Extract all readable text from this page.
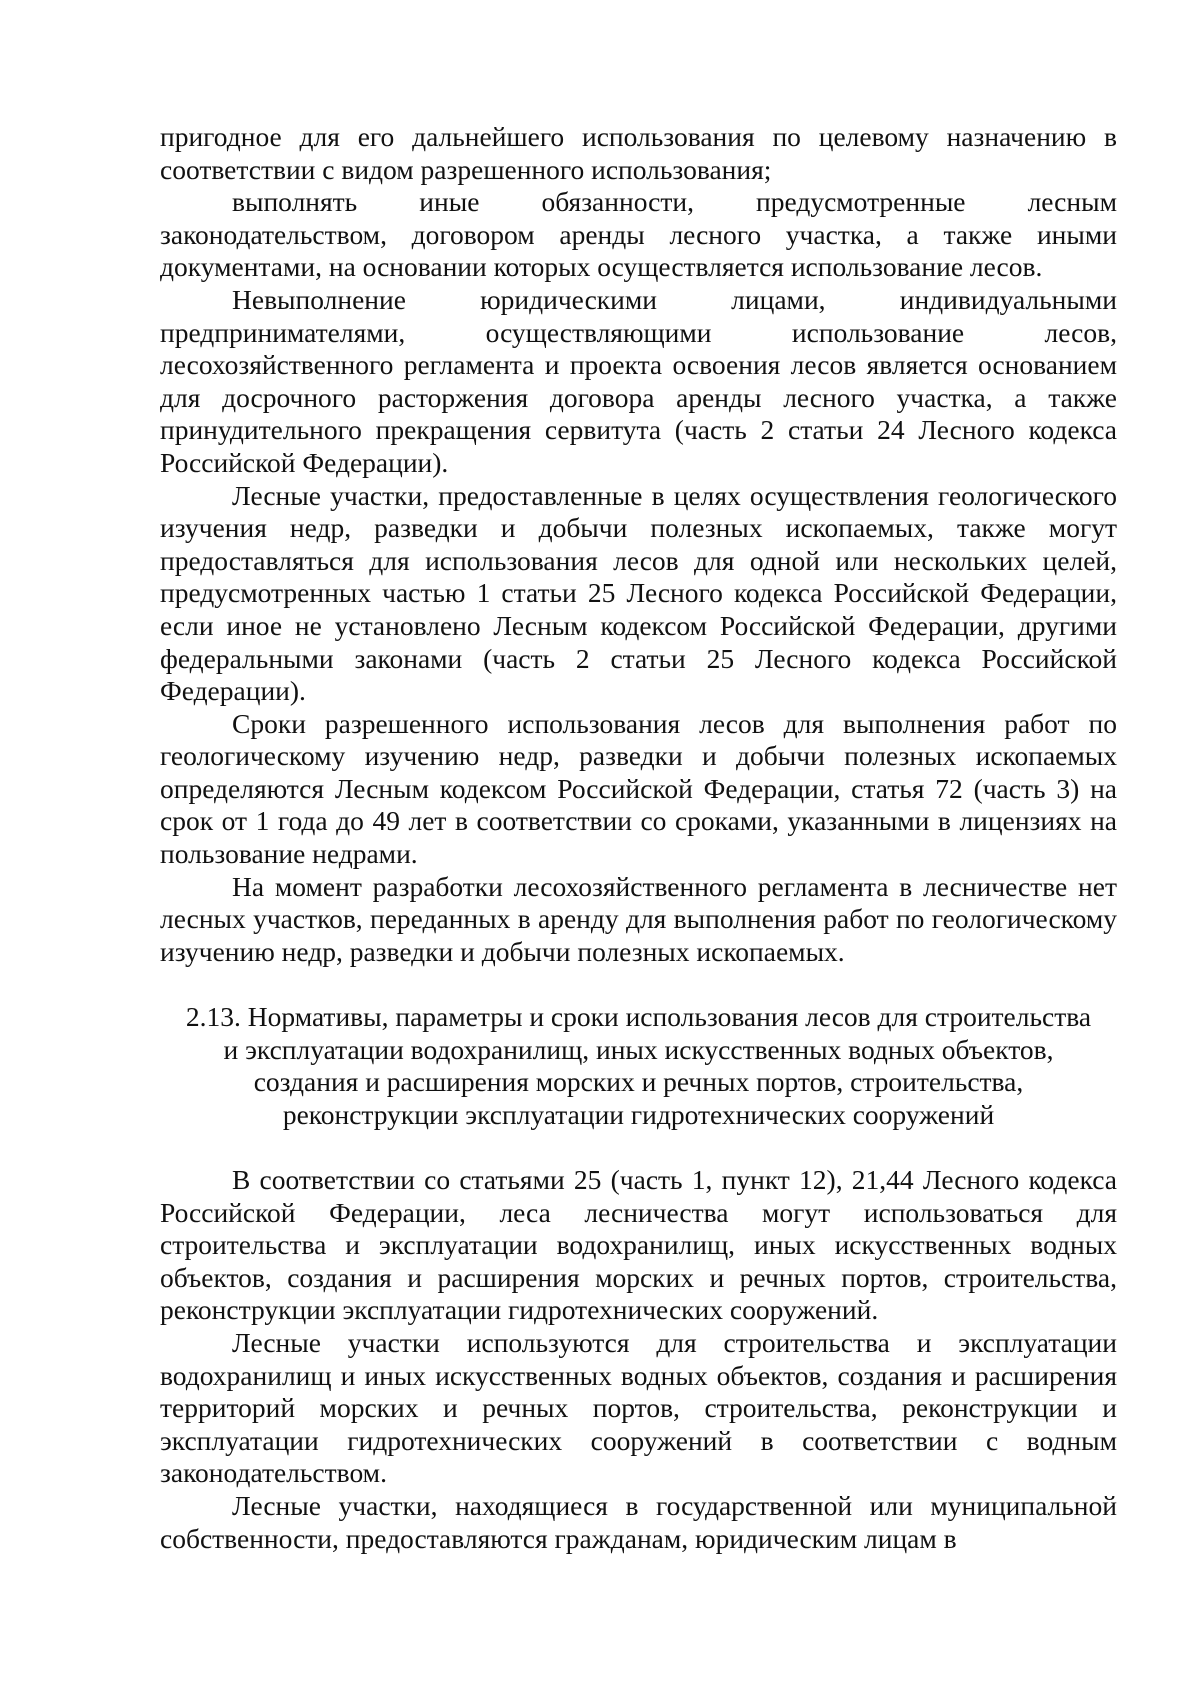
пригодное для его дальнейшего использования по целевому назначению в соответствии с видом разрешенного использования;

выполнять иные обязанности, предусмотренные лесным законодательством, договором аренды лесного участка, а также иными документами, на основании которых осуществляется использование лесов.

Невыполнение юридическими лицами, индивидуальными предпринимателями, осуществляющими использование лесов, лесохозяйственного регламента и проекта освоения лесов является основанием для досрочного расторжения договора аренды лесного участка, а также принудительного прекращения сервитута (часть 2 статьи 24 Лесного кодекса Российской Федерации).

Лесные участки, предоставленные в целях осуществления геологического изучения недр, разведки и добычи полезных ископаемых, также могут предоставляться для использования лесов для одной или нескольких целей, предусмотренных частью 1 статьи 25 Лесного кодекса Российской Федерации, если иное не установлено Лесным кодексом Российской Федерации, другими федеральными законами (часть 2 статьи 25 Лесного кодекса Российской Федерации).

Сроки разрешенного использования лесов для выполнения работ по геологическому изучению недр, разведки и добычи полезных ископаемых определяются Лесным кодексом Российской Федерации, статья 72 (часть 3) на срок от 1 года до 49 лет в соответствии со сроками, указанными в лицензиях на пользование недрами.

На момент разработки лесохозяйственного регламента в лесничестве нет лесных участков, переданных в аренду для выполнения работ по геологическому изучению недр, разведки и добычи полезных ископаемых.

2.13. Нормативы, параметры и сроки использования лесов для строительства и эксплуатации водохранилищ, иных искусственных водных объектов, создания и расширения морских и речных портов, строительства, реконструкции эксплуатации гидротехнических сооружений

В соответствии со статьями 25 (часть 1, пункт 12), 21,44 Лесного кодекса Российской Федерации, леса лесничества могут использоваться для строительства и эксплуатации водохранилищ, иных искусственных водных объектов, создания и расширения морских и речных портов, строительства, реконструкции эксплуатации гидротехнических сооружений.

Лесные участки используются для строительства и эксплуатации водохранилищ и иных искусственных водных объектов, создания и расширения территорий морских и речных портов, строительства, реконструкции и эксплуатации гидротехнических сооружений в соответствии с водным законодательством.

Лесные участки, находящиеся в государственной или муниципальной собственности, предоставляются гражданам, юридическим лицам в
